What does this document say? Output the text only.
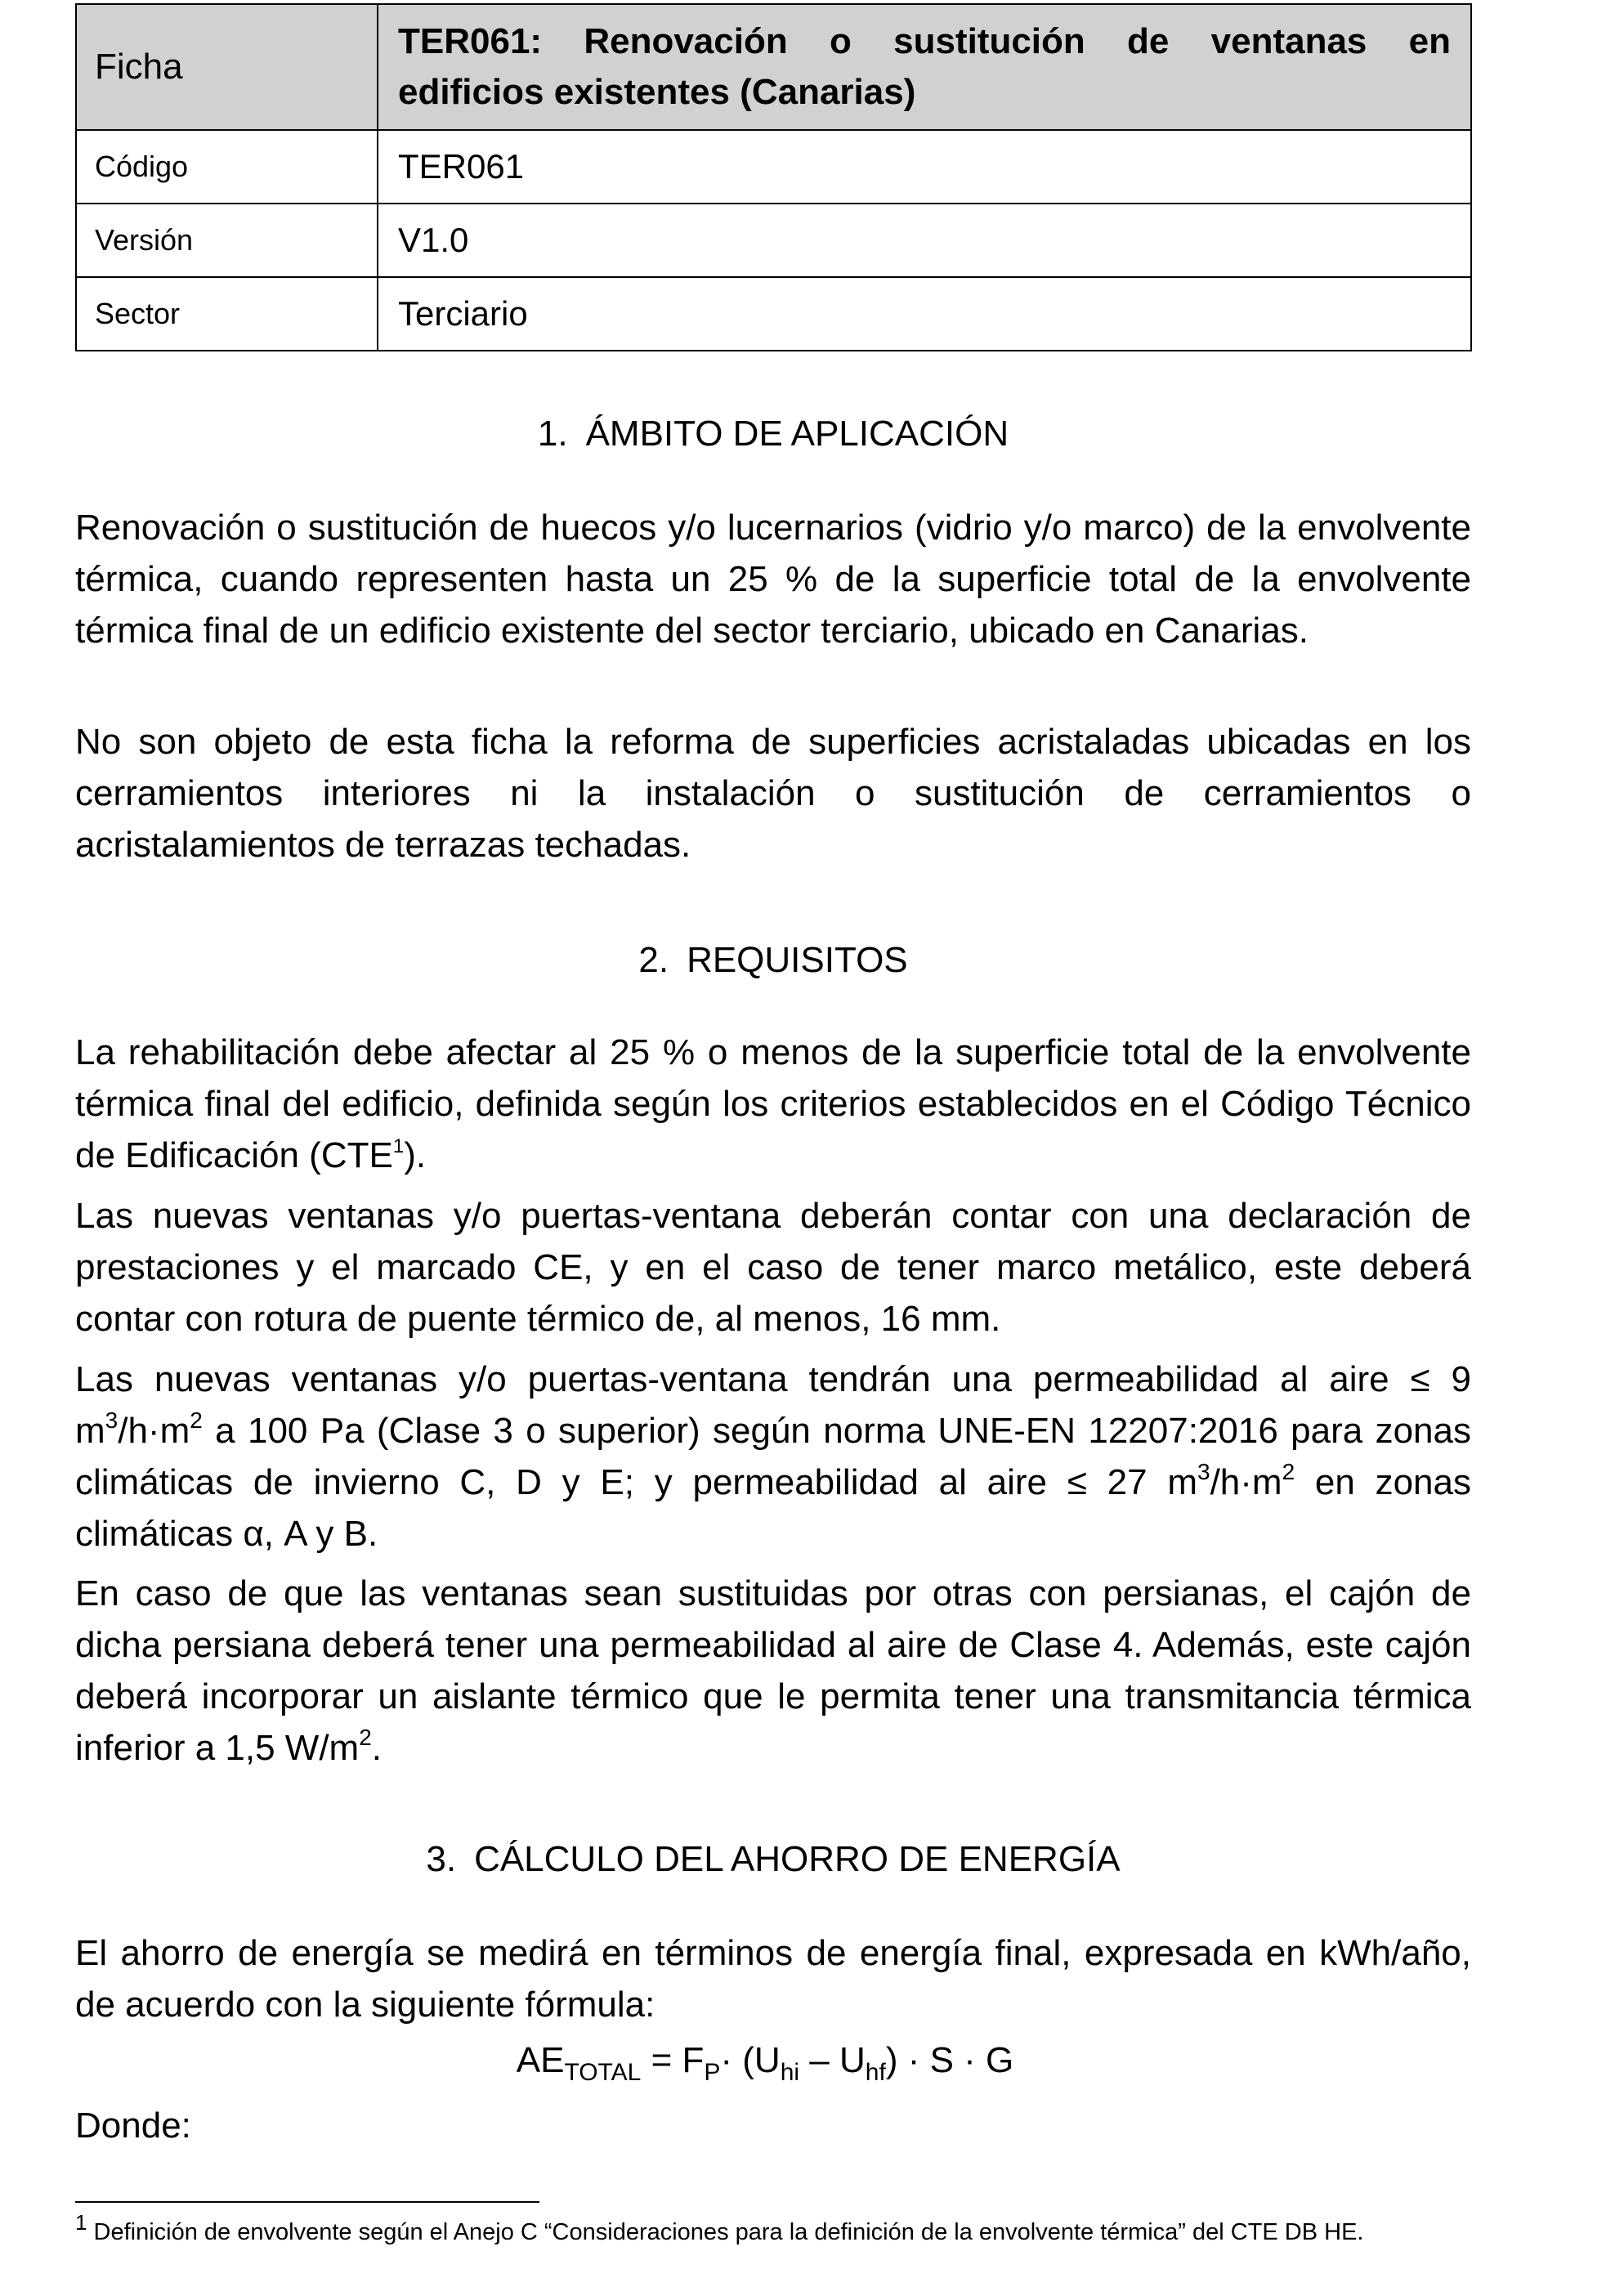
Ficha	TER061: Renovación o sustitución de ventanas en
edificios existentes (Canarias)

Código	TER061
Versión	V1.0
Sector	Terciario
1. ÁMBITO DE APLICACIÓN

Renovación o sustitución de huecos y/o lucernarios (vidrio y/o marco) de la envolvente térmica, cuando representen hasta un 25 % de la superficie total de la envolvente térmica final de un edificio existente del sector terciario, ubicado en Canarias.

No son objeto de esta ficha la reforma de superficies acristaladas ubicadas en los cerramientos interiores ni la instalación o sustitución de cerramientos o acristalamientos de terrazas techadas.

2. REQUISITOS

La rehabilitación debe afectar al 25 % o menos de la superficie total de la envolvente térmica final del edificio, definida según los criterios establecidos en el Código Técnico de Edificación (CTE$^1$).

Las nuevas ventanas y/o puertas-ventana deberán contar con una declaración de prestaciones y el marcado CE, y en el caso de tener marco metálico, este deberá contar con rotura de puente térmico de, al menos, 16 mm.

Las nuevas ventanas y/o puertas-ventana tendrán una permeabilidad al aire ≤ 9 $m^3/h\cdot m^2$ a 100 Pa (Clase 3 o superior) según norma UNE-EN 12207:2016 para zonas climáticas de invierno C, D y E; y permeabilidad al aire ≤ 27 $m^3/h\cdot m^2$ en zonas climáticas α, A y B.

En caso de que las ventanas sean sustituidas por otras con persianas, el cajón de dicha persiana deberá tener una permeabilidad al aire de Clase 4. Además, este cajón deberá incorporar un aislante térmico que le permita tener una transmitancia térmica inferior a 1,5 $W/m^2$.

3. CÁLCULO DEL AHORRO DE ENERGÍA

El ahorro de energía se medirá en términos de energía final, expresada en kWh/año, de acuerdo con la siguiente fórmula:

$AE_{TOTAL} = F_P\cdot (U_{hi} - U_{hf}) \cdot S \cdot G$
Donde:
$^1$ Definición de envolvente según el Anejo C “Consideraciones para la definición de la envolvente térmica” del CTE DB HE.
